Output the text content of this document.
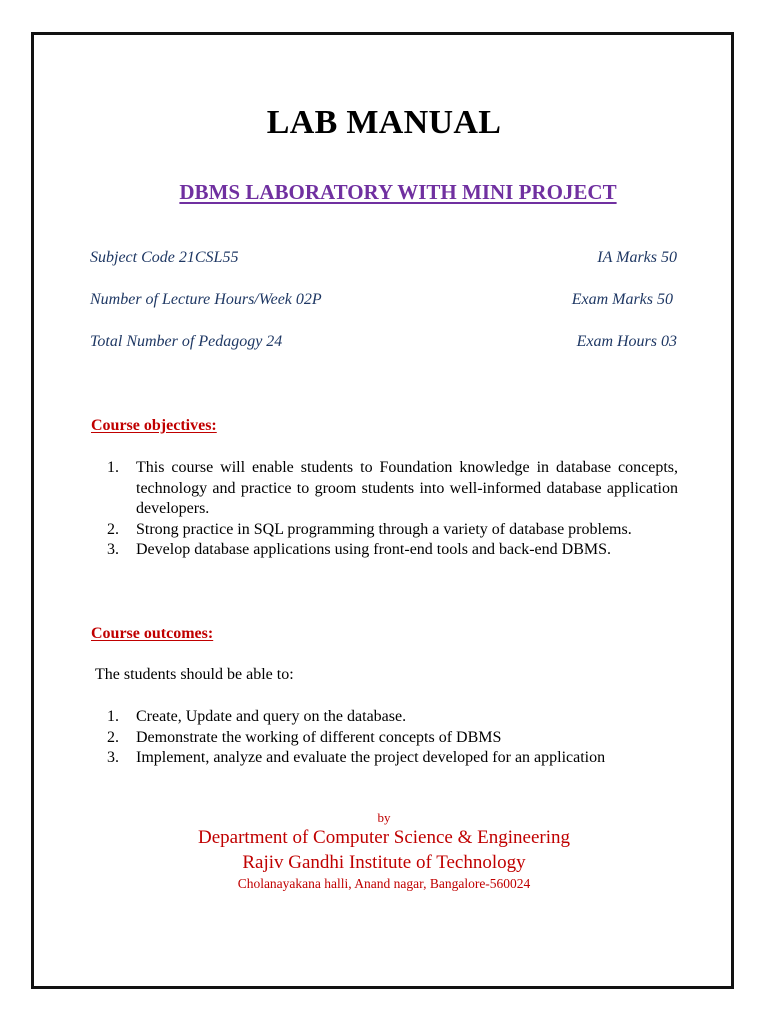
LAB MANUAL
DBMS LABORATORY WITH MINI PROJECT
Subject Code 21CSL55	IA Marks 50
Number of Lecture Hours/Week 02P	Exam Marks 50
Total Number of Pedagogy 24	Exam Hours 03
Course objectives:
1.	This course will enable students to Foundation knowledge in database concepts, technology and practice to groom students into well-informed database application developers.
2.	Strong practice in SQL programming through a variety of database problems.
3.	Develop database applications using front-end tools and back-end DBMS.
Course outcomes:
The students should be able to:
1.	Create, Update and query on the database.
2.	Demonstrate the working of different concepts of DBMS
3.	Implement, analyze and evaluate the project developed for an application
by
Department of Computer Science & Engineering
Rajiv Gandhi Institute of Technology
Cholanayakana halli, Anand nagar, Bangalore-560024
